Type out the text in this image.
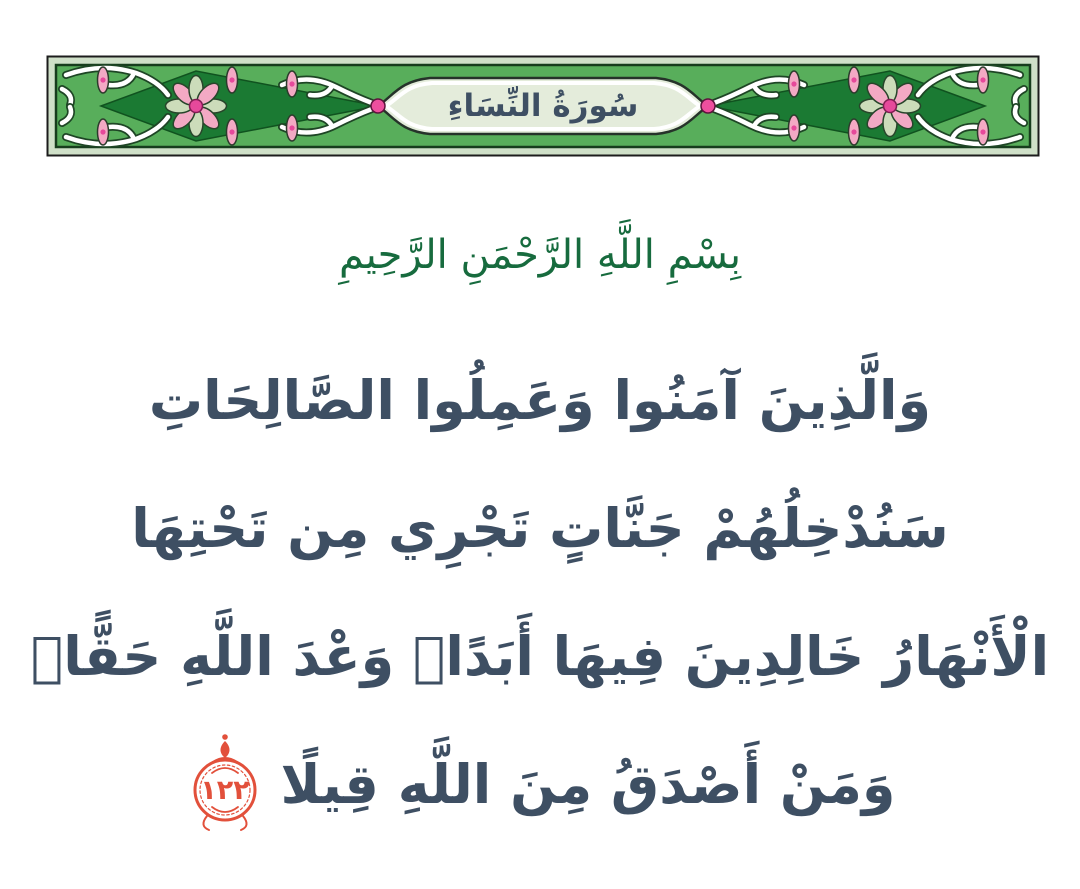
سُورَةُ النِّسَاءِ
بِسْمِ اللَّهِ الرَّحْمَنِ الرَّحِيمِ
وَالَّذِينَ آمَنُوا وَعَمِلُوا الصَّالِحَاتِ
سَنُدْخِلُهُمْ جَنَّاتٍ تَجْرِي مِن تَحْتِهَا
الْأَنْهَارُ خَالِدِينَ فِيهَا أَبَدًاۖ وَعْدَ اللَّهِ حَقًّاۚ
وَمَنْ أَصْدَقُ مِنَ اللَّهِ قِيلًا
١٢٢
